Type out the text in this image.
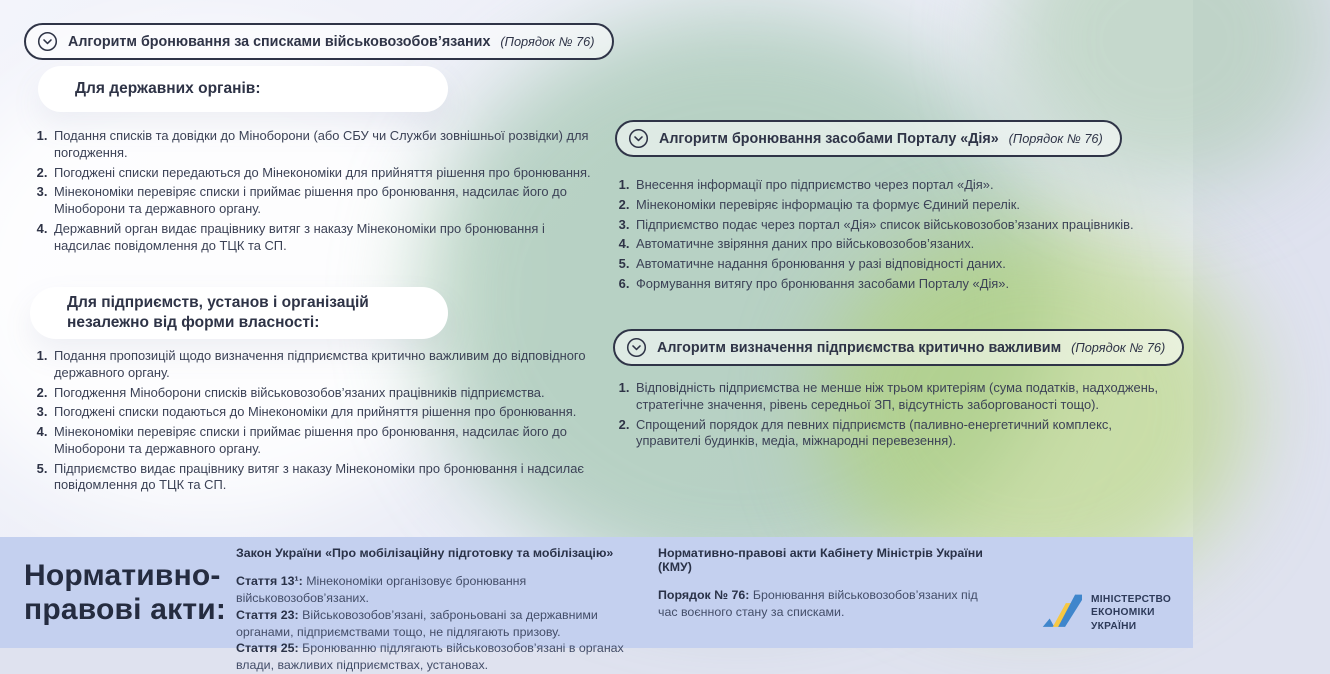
Алгоритм бронювання за списками військовозобов’язаних (Порядок № 76)
Для державних органів:
1. Подання списків та довідки до Міноборони (або СБУ чи Служби зовнішньої розвідки) для погодження.
2. Погоджені списки передаються до Мінекономіки для прийняття рішення про бронювання.
3. Мінекономіки перевіряє списки і приймає рішення про бронювання, надсилає його до Міноборони та державного органу.
4. Державний орган видає працівнику витяг з наказу Мінекономіки про бронювання і надсилає повідомлення до ТЦК та СП.
Для підприємств, установ і організацій
незалежно від форми власності:
1. Подання пропозицій щодо визначення підприємства критично важливим до відповідного державного органу.
2. Погодження Міноборони списків військовозобов’язаних працівників підприємства.
3. Погоджені списки подаються до Мінекономіки для прийняття рішення про бронювання.
4. Мінекономіки перевіряє списки і приймає рішення про бронювання, надсилає його до Міноборони та державного органу.
5. Підприємство видає працівнику витяг з наказу Мінекономіки про бронювання і надсилає повідомлення до ТЦК та СП.
Алгоритм бронювання засобами Порталу «Дія» (Порядок № 76)
1. Внесення інформації про підприємство через портал «Дія».
2. Мінекономіки перевіряє інформацію та формує Єдиний перелік.
3. Підприємство подає через портал «Дія» список військовозобов’язаних працівників.
4. Автоматичне звіряння даних про військовозобов’язаних.
5. Автоматичне надання бронювання у разі відповідності даних.
6. Формування витягу про бронювання засобами Порталу «Дія».
Алгоритм визначення підприємства критично важливим (Порядок № 76)
1. Відповідність підприємства не менше ніж трьом критеріям (сума податків, надходжень, стратегічне значення, рівень середньої ЗП, відсутність заборгованості тощо).
2. Спрощений порядок для певних підприємств (паливно-енергетичний комплекс, управителі будинків, медіа, міжнародні перевезення).
Нормативно-
правові акти:

Закон України «Про мобілізаційну підготовку та мобілізацію»

Стаття 13¹: Мінекономіки організовує бронювання військовозобов’язаних.

Стаття 23: Військовозобов’язані, заброньовані за державними органами, підприємствами тощо, не підлягають призову.

Стаття 25: Бронюванню підлягають військовозобов’язані в органах влади, важливих підприємствах, установах.

Нормативно-правові акти Кабінету Міністрів України (КМУ)

Порядок № 76: Бронювання військовозобов’язаних під час воєнного стану за списками.

МІНІСТЕРСТВО
ЕКОНОМІКИ
УКРАЇНИ
